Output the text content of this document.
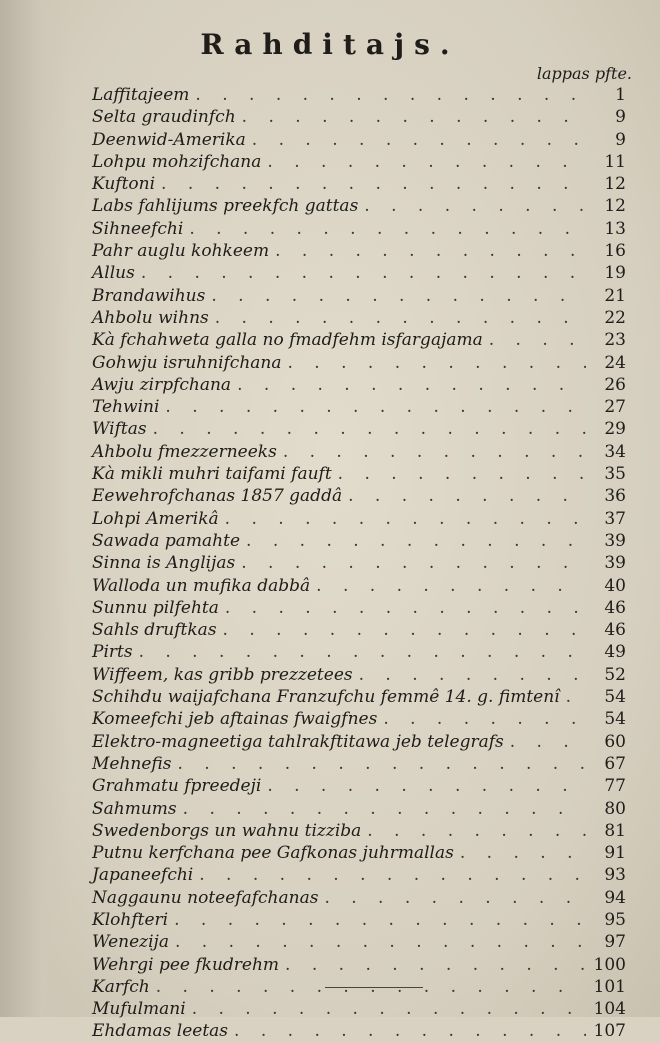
Rahditajs.
lappas pfte.
Laffitajeem . . .	1
Selta graudinfch . . .	9
Deenwid-Amerika . . .	9
Lohpu mohzifchana . . .	11
Kuftoni . . .	12
Labs fahlijums preekfch gattas . . .	12
Sihneefchi . . .	13
Pahr auglu kohkeem . . .	16
Allus . . .	19
Brandawihus . . .	21
Ahbolu wihns . . .	22
Kà fchahweta galla no fmadfehm isfargajama . . .	23
Gohwju isruhnifchana . . .	24
Awju zirpfchana . . .	26
Tehwini . . .	27
Wiftas . . .	29
Ahbolu fmezzerneeks . . .	34
Kà mikli muhri taifami fauft . . .	35
Eewehrofchanas 1857 gaddâ . . .	36
Lohpi Amerikâ . . .	37
Sawada pamahte . . .	39
Sinna is Anglijas . . .	39
Walloda un mufika dabbâ . . .	40
Sunnu pilfehta . . .	46
Sahls druftkas . . .	46
Pirts . . .	49
Wiffeem, kas gribb prezzetees . . .	52
Schihdu waijafchana Franzufchu femmê 14. g. fimtenî . . .	54
Komeefchi jeb aftainas fwaigfnes . . .	54
Elektro-magneetiga tahlrakftitawa jeb telegrafs . . .	60
Mehnefis . . .	67
Grahmatu fpreedeji . . .	77
Sahmums . . .	80
Swedenborgs un wahnu tizziba . . .	81
Putnu kerfchana pee Gafkonas juhrmallas . . .	91
Japaneefchi . . .	93
Naggaunu noteefafchanas . . .	94
Klohfteri . . .	95
Wenezija . . .	97
Wehrgi pee fkudrehm . . .	100
Karfch . . .	101
Mufulmani . . .	104
Ehdamas leetas . . .	107
